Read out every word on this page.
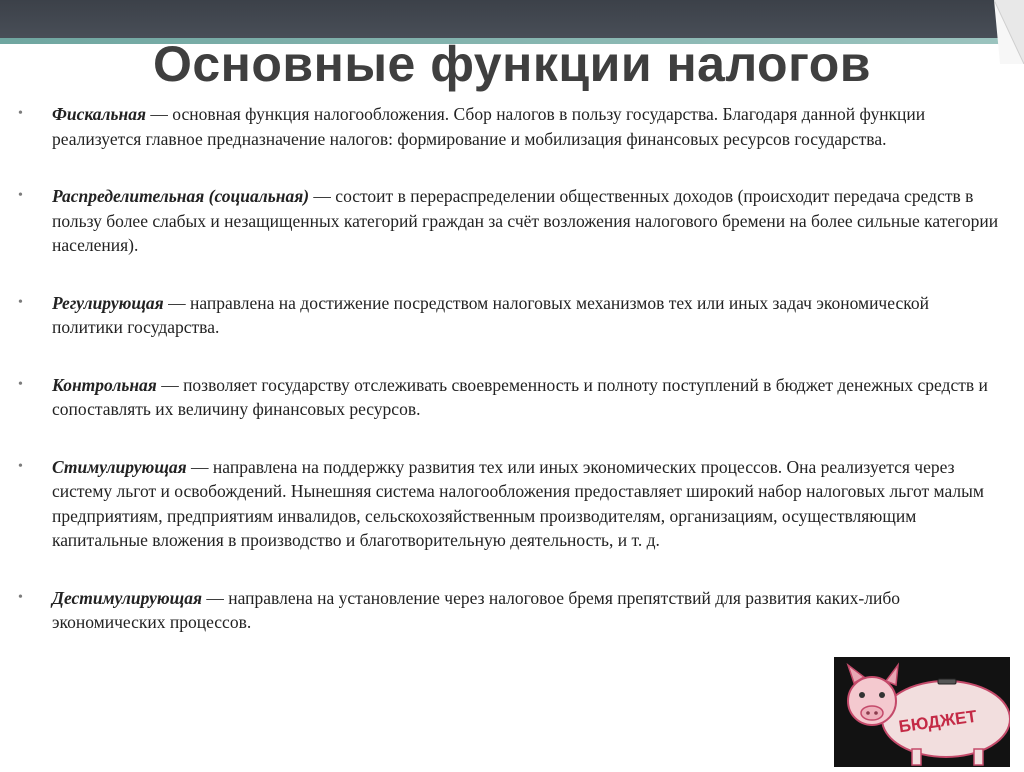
Основные функции налогов
•	Фискальная — основная функция налогообложения. Сбор налогов в пользу государства. Благодаря данной функции реализуется главное предназначение налогов: формирование и мобилизация финансовых ресурсов государства.
•	Распределительная (социальная) — состоит в перераспределении общественных доходов (происходит передача средств в пользу более слабых и незащищенных категорий граждан за счёт возложения налогового бремени на более сильные категории населения).
•	Регулирующая — направлена на достижение посредством налоговых механизмов тех или иных задач экономической политики государства.
•	Контрольная — позволяет государству отслеживать своевременность и полноту поступлений в бюджет денежных средств и сопоставлять их величину финансовых ресурсов.
•	Стимулирующая — направлена на поддержку развития тех или иных экономических процессов. Она реализуется через систему льгот и освобождений. Нынешняя система налогообложения предоставляет широкий набор налоговых льгот малым предприятиям, предприятиям инвалидов, сельскохозяйственным производителям, организациям, осуществляющим капитальные вложения в производство и благотворительную деятельность, и т. д.
•	Дестимулирующая — направлена на установление через налоговое бремя препятствий для развития каких-либо экономических процессов.
БЮДЖЕТ
